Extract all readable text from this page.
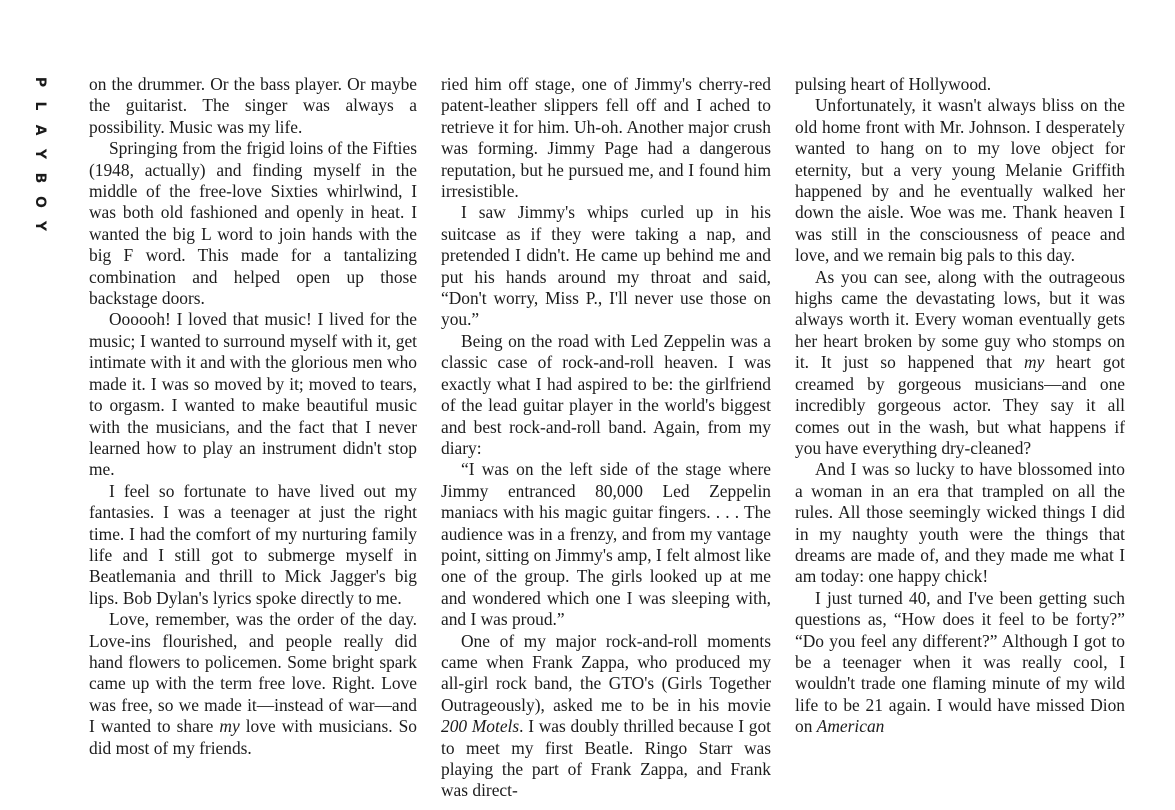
P
L
A
Y
B
O
Y

on the drummer. Or the bass player. Or maybe the guitarist. The singer was always a possibility. Music was my life.

Springing from the frigid loins of the Fifties (1948, actually) and finding myself in the middle of the free-love Sixties whirlwind, I was both old fashioned and openly in heat. I wanted the big L word to join hands with the big F word. This made for a tantalizing combination and helped open up those backstage doors.

Oooooh! I loved that music! I lived for the music; I wanted to surround myself with it, get intimate with it and with the glorious men who made it. I was so moved by it; moved to tears, to orgasm. I wanted to make beautiful music with the musicians, and the fact that I never learned how to play an instrument didn't stop me.

I feel so fortunate to have lived out my fantasies. I was a teenager at just the right time. I had the comfort of my nurturing family life and I still got to submerge myself in Beatlemania and thrill to Mick Jagger's big lips. Bob Dylan's lyrics spoke directly to me.

Love, remember, was the order of the day. Love-ins flourished, and people really did hand flowers to policemen. Some bright spark came up with the term free love. Right. Love was free, so we made it—instead of war—and I wanted to share my love with musicians. So did most of my friends.

ried him off stage, one of Jimmy's cherry-red patent-leather slippers fell off and I ached to retrieve it for him. Uh-oh. Another major crush was forming. Jimmy Page had a dangerous reputation, but he pursued me, and I found him irresistible.

I saw Jimmy's whips curled up in his suitcase as if they were taking a nap, and pretended I didn't. He came up behind me and put his hands around my throat and said, “Don't worry, Miss P., I'll never use those on you.”

Being on the road with Led Zeppelin was a classic case of rock-and-roll heaven. I was exactly what I had aspired to be: the girlfriend of the lead guitar player in the world's biggest and best rock-and-roll band. Again, from my diary:

“I was on the left side of the stage where Jimmy entranced 80,000 Led Zeppelin maniacs with his magic guitar fingers. . . . The audience was in a frenzy, and from my vantage point, sitting on Jimmy's amp, I felt almost like one of the group. The girls looked up at me and wondered which one I was sleeping with, and I was proud.”

One of my major rock-and-roll moments came when Frank Zappa, who produced my all-girl rock band, the GTO's (Girls Together Outrageously), asked me to be in his movie 200 Motels. I was doubly thrilled because I got to meet my first Beatle. Ringo Starr was playing the part of Frank Zappa, and Frank was direct-

pulsing heart of Hollywood.

Unfortunately, it wasn't always bliss on the old home front with Mr. Johnson. I desperately wanted to hang on to my love object for eternity, but a very young Melanie Griffith happened by and he eventually walked her down the aisle. Woe was me. Thank heaven I was still in the consciousness of peace and love, and we remain big pals to this day.

As you can see, along with the outrageous highs came the devastating lows, but it was always worth it. Every woman eventually gets her heart broken by some guy who stomps on it. It just so happened that my heart got creamed by gorgeous musicians—and one incredibly gorgeous actor. They say it all comes out in the wash, but what happens if you have everything dry-cleaned?

And I was so lucky to have blossomed into a woman in an era that trampled on all the rules. All those seemingly wicked things I did in my naughty youth were the things that dreams are made of, and they made me what I am today: one happy chick!

I just turned 40, and I've been getting such questions as, “How does it feel to be forty?” “Do you feel any different?” Although I got to be a teenager when it was really cool, I wouldn't trade one flaming minute of my wild life to be 21 again. I would have missed Dion on American
